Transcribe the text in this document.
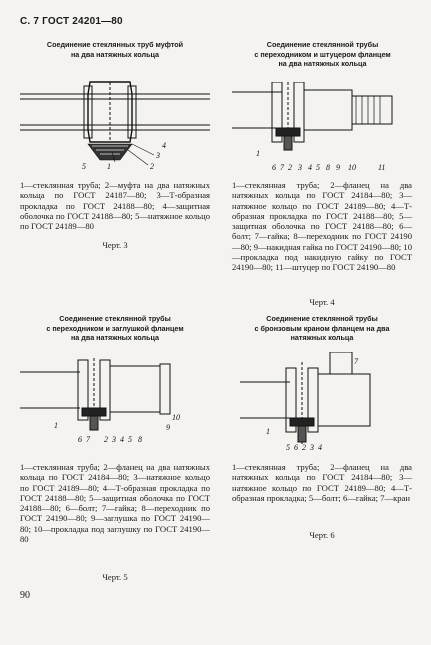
С. 7 ГОСТ 24201—80
Соединение стеклянных труб муфтой
на два натяжных кольца
1	2
3
4
5
1—стеклянная труба; 2—муфта на два натяжных кольца по ГОСТ 24187—80; 3—Т-образная прокладка по ГОСТ 24188—80; 4—защитная оболочка по ГОСТ 24188—80; 5—натяжное кольцо по ГОСТ 24189—80
Черт. 3
Соединение стеклянной трубы
с переходником и штуцером фланцем
на два натяжных кольца
1
2 3 4 5
6 7	8 9 10	11
1—стеклянная труба; 2—фланец на два натяжных кольца по ГОСТ 24184—80; 3—натяжное кольцо по ГОСТ 24189—80; 4—Т-образная прокладка по ГОСТ 24188—80; 5—защитная оболочка по ГОСТ 24188—80; 6—болт; 7—гайка; 8—переходник по ГОСТ 24190—80; 9—накидная гайка по ГОСТ 24190—80; 10—прокладка под накидную гайку по ГОСТ 24190—80; 11—штуцер по ГОСТ 24190—80
Черт. 4
Соединение стеклянной трубы
с переходником и заглушкой фланцем
на два натяжных кольца
1
2 3 4 5
6 7	8
9
10
1—стеклянная труба; 2—фланец на два натяжных кольца по ГОСТ 24184—80; 3—натяжное кольцо по ГОСТ 24189—80; 4—Т-образная прокладка по ГОСТ 24188—80; 5—защитная оболочка по ГОСТ 24188—80; 6—болт; 7—гайка; 8—переходник по ГОСТ 24190—80; 9—заглушка по ГОСТ 24190—80; 10—прокладка под заглушку по ГОСТ 24190—80
Черт. 5
Соединение стеклянной трубы
с бронзовым краном фланцем на два
натяжных кольца
1
2 3 4
5 6
7
1—стеклянная труба; 2—фланец на два натяжных кольца по ГОСТ 24184—80; 3—натяжное кольцо по ГОСТ 24189—80; 4—Т-образная прокладка; 5—болт; 6—гайка; 7—кран
Черт. 6
90
